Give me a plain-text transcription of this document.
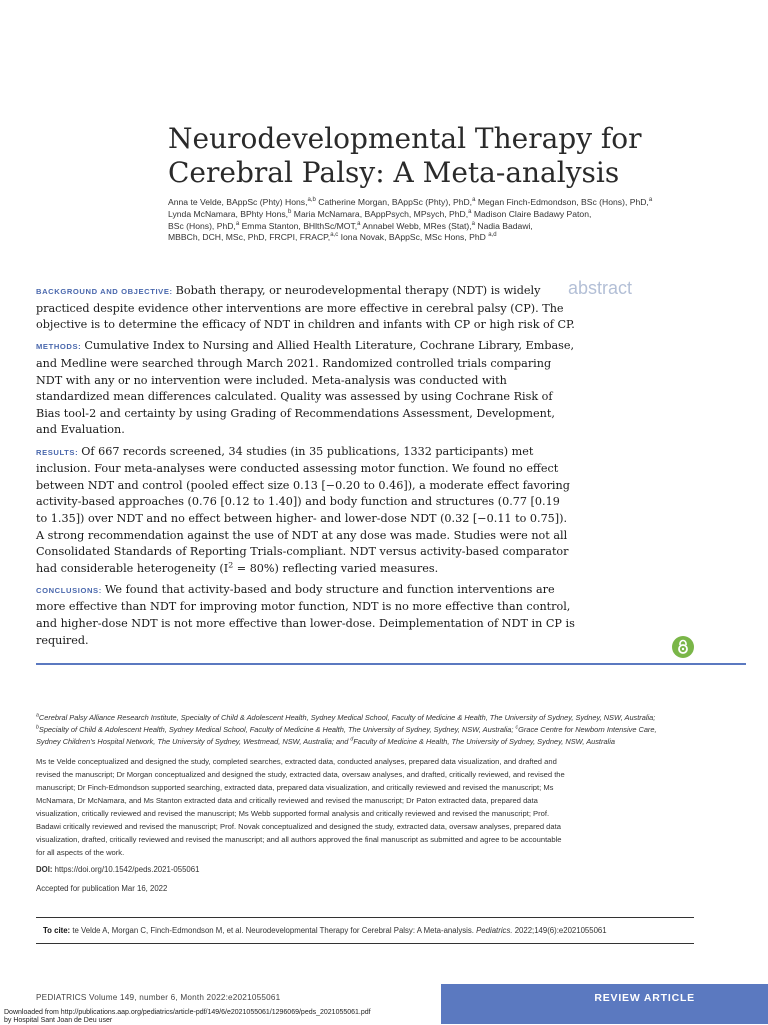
Neurodevelopmental Therapy for
Cerebral Palsy: A Meta-analysis
Anna te Velde, BAppSc (Phty) Hons,$^{a,b}$ Catherine Morgan, BAppSc (Phty), PhD,$^a$ Megan Finch-Edmondson, BSc (Hons), PhD,$^a$
Lynda McNamara, BPhty Hons,$^b$ Maria McNamara, BAppPsych, MPsych, PhD,$^a$ Madison Claire Badawy Paton,
BSc (Hons), PhD,$^a$ Emma Stanton, BHlthSc/MOT,$^a$ Annabel Webb, MRes (Stat),$^a$ Nadia Badawi,
MBBCh, DCH, MSc, PhD, FRCPI, FRACP,$^{a,c}$ Iona Novak, BAppSc, MSc Hons, PhD $^{a,d}$
abstract
BACKGROUND AND OBJECTIVE: Bobath therapy, or neurodevelopmental therapy (NDT) is widely
practiced despite evidence other interventions are more effective in cerebral palsy (CP). The
objective is to determine the efficacy of NDT in children and infants with CP or high risk of CP.
METHODS: Cumulative Index to Nursing and Allied Health Literature, Cochrane Library, Embase,
and Medline were searched through March 2021. Randomized controlled trials comparing
NDT with any or no intervention were included. Meta-analysis was conducted with
standardized mean differences calculated. Quality was assessed by using Cochrane Risk of
Bias tool-2 and certainty by using Grading of Recommendations Assessment, Development,
and Evaluation.
RESULTS: Of 667 records screened, 34 studies (in 35 publications, 1332 participants) met
inclusion. Four meta-analyses were conducted assessing motor function. We found no effect
between NDT and control (pooled effect size 0.13 [−0.20 to 0.46]), a moderate effect favoring
activity-based approaches (0.76 [0.12 to 1.40]) and body function and structures (0.77 [0.19
to 1.35]) over NDT and no effect between higher- and lower-dose NDT (0.32 [−0.11 to 0.75]).
A strong recommendation against the use of NDT at any dose was made. Studies were not all
Consolidated Standards of Reporting Trials-compliant. NDT versus activity-based comparator
had considerable heterogeneity $(I^2 = 80\%)$ reflecting varied measures.
CONCLUSIONS: We found that activity-based and body structure and function interventions are
more effective than NDT for improving motor function, NDT is no more effective than control,
and higher-dose NDT is not more effective than lower-dose. Deimplementation of NDT in CP is
required.
$^a$Cerebral Palsy Alliance Research Institute, Specialty of Child & Adolescent Health, Sydney Medical School, Faculty of Medicine & Health, The University of Sydney, Sydney, NSW, Australia;
$^b$Specialty of Child & Adolescent Health, Sydney Medical School, Faculty of Medicine & Health, The University of Sydney, Sydney, NSW, Australia; $^c$Grace Centre for Newborn Intensive Care,
Sydney Children's Hospital Network, The University of Sydney, Westmead, NSW, Australia; and $^d$Faculty of Medicine & Health, The University of Sydney, Sydney, NSW, Australia
Ms te Velde conceptualized and designed the study, completed searches, extracted data, conducted analyses, prepared data visualization, and drafted and
revised the manuscript; Dr Morgan conceptualized and designed the study, extracted data, oversaw analyses, and drafted, critically reviewed, and revised the
manuscript; Dr Finch-Edmondson supported searching, extracted data, prepared data visualization, and critically reviewed and revised the manuscript; Ms
McNamara, Dr McNamara, and Ms Stanton extracted data and critically reviewed and revised the manuscript; Dr Paton extracted data, prepared data
visualization, critically reviewed and revised the manuscript; Ms Webb supported formal analysis and critically reviewed and revised the manuscript; Prof.
Badawi critically reviewed and revised the manuscript; Prof. Novak conceptualized and designed the study, extracted data, oversaw analyses, prepared data
visualization, drafted, critically reviewed and revised the manuscript; and all authors approved the final manuscript as submitted and agree to be accountable
for all aspects of the work.
DOI: https://doi.org/10.1542/peds.2021-055061
Accepted for publication Mar 16, 2022
To cite: te Velde A, Morgan C, Finch-Edmondson M, et al. Neurodevelopmental Therapy for Cerebral Palsy: A Meta-analysis. Pediatrics. 2022;149(6):e2021055061
PEDIATRICS Volume 149, number 6, Month 2022:e2021055061	REVIEW ARTICLE
Downloaded from http://publications.aap.org/pediatrics/article-pdf/149/6/e2021055061/1296069/peds_2021055061.pdf
by Hospital Sant Joan de Deu user
